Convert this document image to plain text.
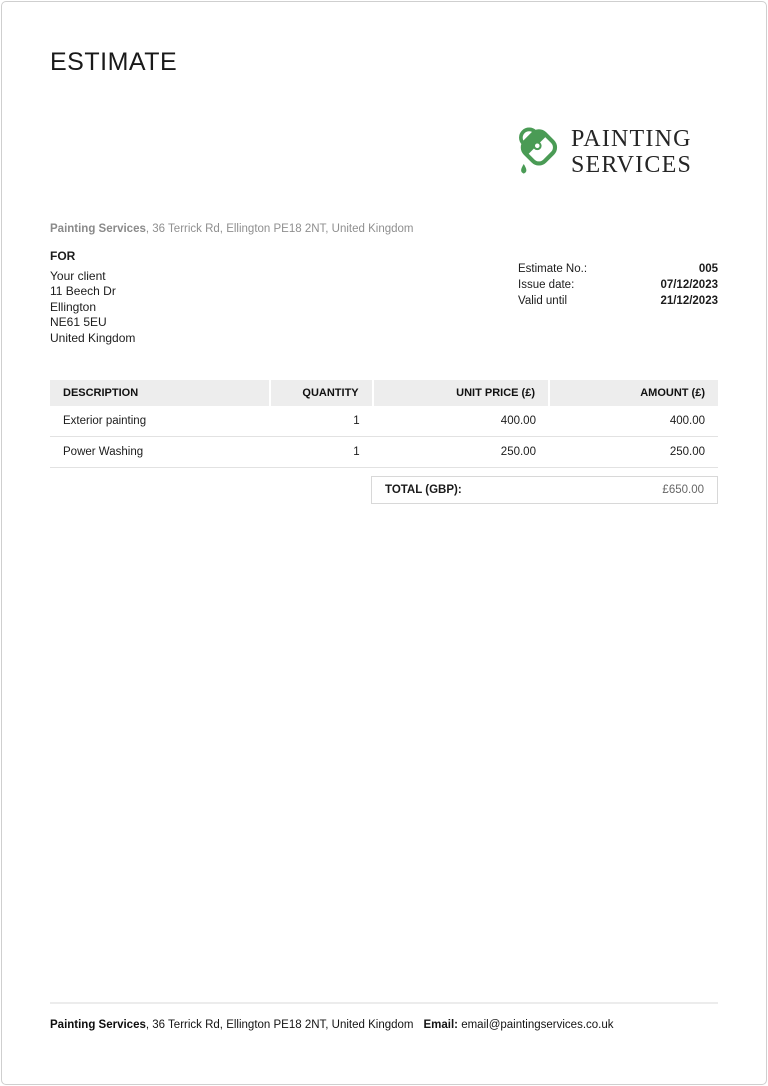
ESTIMATE
PAINTING
SERVICES

Painting Services, 36 Terrick Rd, Ellington PE18 2NT, United Kingdom

FOR
Your client
11 Beech Dr
Ellington
NE61 5EU
United Kingdom
Estimate No.:	005
Issue date:	07/12/2023
Valid until	21/12/2023
DESCRIPTION	QUANTITY	UNIT PRICE (£)	AMOUNT (£)
Exterior painting	1	400.00	400.00
Power Washing	1	250.00	250.00
TOTAL (GBP):	£650.00
Painting Services, 36 Terrick Rd, Ellington PE18 2NT, United Kingdom Email: email@paintingservices.co.uk
